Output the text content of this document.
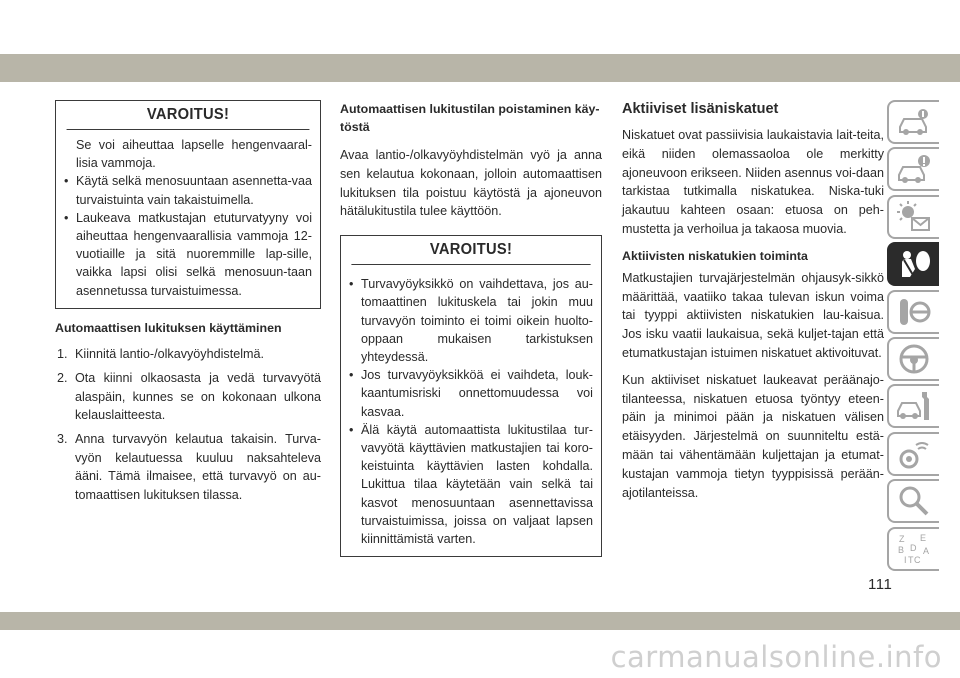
VAROITUS!
Se voi aiheuttaa lapselle hengenvaaral-lisia vammoja.
• Käytä selkä menosuuntaan asennetta-vaa turvaistuinta vain takaistuimella.
• Laukeava matkustajan etuturvatyyny voi aiheuttaa hengenvaarallisia vammoja 12-vuotiaille ja sitä nuoremmille lap-sille, vaikka lapsi olisi selkä menosuun-taan asennetussa turvaistuimessa.
Automaattisen lukituksen käyttäminen
1. Kiinnitä lantio-/olkavyöyhdistelmä.
2. Ota kiinni olkaosasta ja vedä turvavyötä alaspäin, kunnes se on kokonaan ulkona kelauslaitteesta.
3. Anna turvavyön kelautua takaisin. Turva-vyön kelautuessa kuuluu naksahteleva ääni. Tämä ilmaisee, että turvavyö on au-tomaattisen lukituksen tilassa.
Automaattisen lukitustilan poistaminen käy-töstä
Avaa lantio-/olkavyöyhdistelmän vyö ja anna sen kelautua kokonaan, jolloin automaattisen lukituksen tila poistuu käytöstä ja ajoneuvon hätälukitustila tulee käyttöön.
VAROITUS!
• Turvavyöyksikkö on vaihdettava, jos au-tomaattinen lukituskela tai jokin muu turvavyön toiminto ei toimi oikein huolto-oppaan mukaisen tarkistuksen yhteydessä.
• Jos turvavyöyksikköä ei vaihdeta, louk-kaantumisriski onnettomuudessa voi kasvaa.
• Älä käytä automaattista lukitustilaa tur-vavyötä käyttävien matkustajien tai koro-keistuinta käyttävien lasten kohdalla. Lukittua tilaa käytetään vain selkä tai kasvot menosuuntaan asennettavissa turvaistuimissa, joissa on valjaat lapsen kiinnittämistä varten.
Aktiiviset lisäniskatuet
Niskatuet ovat passiivisia laukaistavia lait-teita, eikä niiden olemassaoloa ole merkitty ajoneuvoon erikseen. Niiden asennus voi-daan tarkistaa tutkimalla niskatukea. Niska-tuki jakautuu kahteen osaan: etuosa on peh-mustetta ja verhoilua ja takaosa muovia.
Aktiivisten niskatukien toiminta
Matkustajien turvajärjestelmän ohjausyk-sikkö määrittää, vaatiiko takaa tulevan iskun voima tai tyyppi aktiivisten niskatukien lau-kaisua. Jos isku vaatii laukaisua, sekä kuljet-tajan että etumatkustajan istuimen niskatuet aktivoituvat.
Kun aktiiviset niskatuet laukeavat peräänajo-tilanteessa, niskatuen etuosa työntyy eteen-päin ja minimoi pään ja niskatuen välisen etäisyyden. Järjestelmä on suunniteltu estä-mään tai vähentämään kuljettajan ja etumat-kustajan vammoja tietyn tyyppisissä perään-ajotilanteissa.
Z E
B A
C
D
I T
111
carmanualsonline.info
